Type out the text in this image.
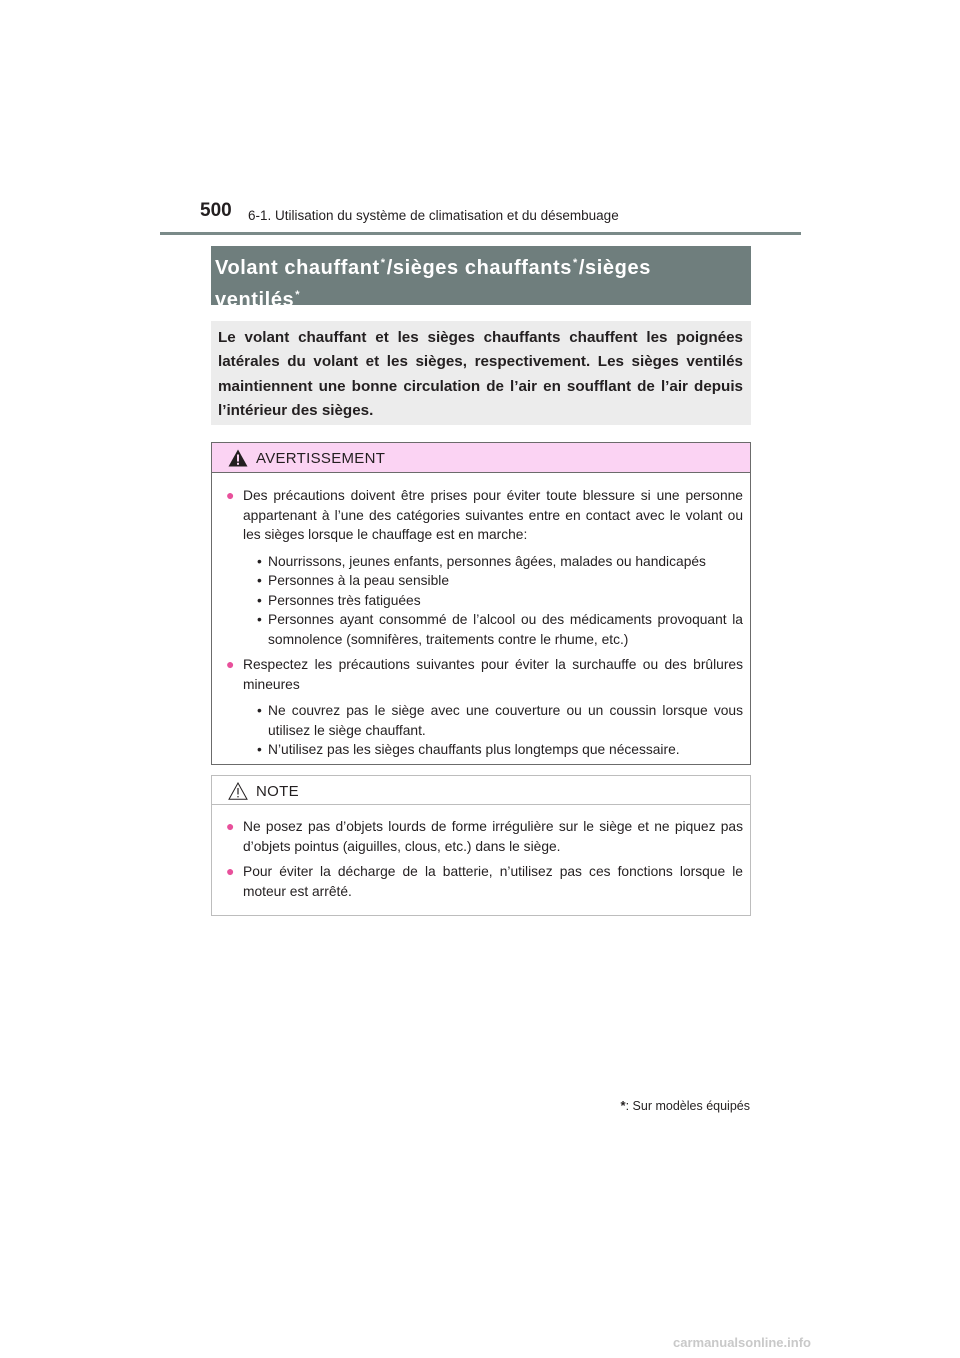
500 6-1. Utilisation du système de climatisation et du désembuage
Volant chauffant*/sièges chauffants*/sièges
ventilés*

Le volant chauffant et les sièges chauffants chauffent les poignées latérales du volant et les sièges, respectivement. Les sièges ventilés maintiennent une bonne circulation de l’air en soufflant de l’air depuis l’intérieur des sièges.

AVERTISSEMENT
● Des précautions doivent être prises pour éviter toute blessure si une personne appartenant à l’une des catégories suivantes entre en contact avec le volant ou les sièges lorsque le chauffage est en marche:
• Nourrissons, jeunes enfants, personnes âgées, malades ou handicapés
• Personnes à la peau sensible
• Personnes très fatiguées
• Personnes ayant consommé de l’alcool ou des médicaments provoquant la somnolence (somnifères, traitements contre le rhume, etc.)
● Respectez les précautions suivantes pour éviter la surchauffe ou des brûlures mineures
• Ne couvrez pas le siège avec une couverture ou un coussin lorsque vous utilisez le siège chauffant.
• N’utilisez pas les sièges chauffants plus longtemps que nécessaire.
NOTE
● Ne posez pas d’objets lourds de forme irrégulière sur le siège et ne piquez pas d’objets pointus (aiguilles, clous, etc.) dans le siège.
● Pour éviter la décharge de la batterie, n’utilisez pas ces fonctions lorsque le moteur est arrêté.
*: Sur modèles équipés
carmanualsonline.info
